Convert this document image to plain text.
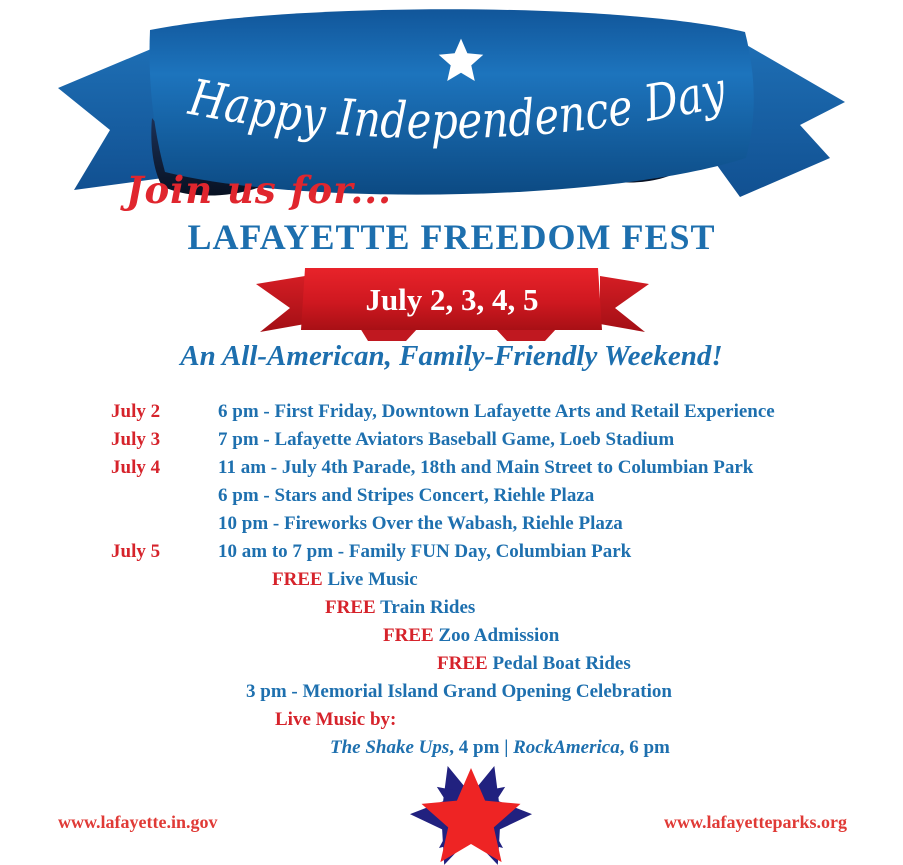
Happy Independence Day
Join us for...
LAFAYETTE FREEDOM FEST
July 2, 3, 4, 5
An All-American, Family-Friendly Weekend!
July 2	6 pm - First Friday, Downtown Lafayette Arts and Retail Experience
July 3	7 pm - Lafayette Aviators Baseball Game, Loeb Stadium
July 4	11 am - July 4th Parade, 18th and Main Street to Columbian Park
6 pm - Stars and Stripes Concert, Riehle Plaza
10 pm - Fireworks Over the Wabash, Riehle Plaza
July 5	10 am to 7 pm - Family FUN Day, Columbian Park
FREE Live Music
FREE Train Rides
FREE Zoo Admission
FREE Pedal Boat Rides
3 pm - Memorial Island Grand Opening Celebration
Live Music by:
The Shake Ups, 4 pm | RockAmerica, 6 pm
www.lafayette.in.gov	www.lafayetteparks.org
